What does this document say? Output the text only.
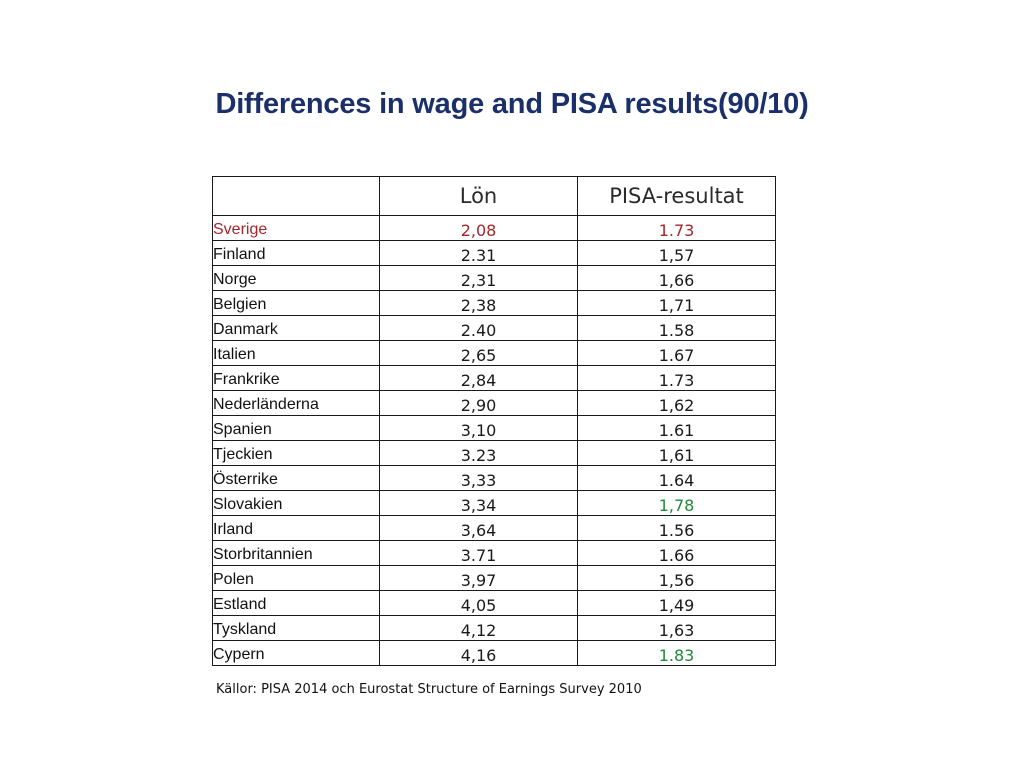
Differences in wage and PISA results(90/10)
	Lön	PISA-resultat
Sverige	2,08	1.73
Finland	2.31	1,57
Norge	2,31	1,66
Belgien	2,38	1,71
Danmark	2.40	1.58
Italien	2,65	1.67
Frankrike	2,84	1.73
Nederländerna	2,90	1,62
Spanien	3,10	1.61
Tjeckien	3.23	1,61
Österrike	3,33	1.64
Slovakien	3,34	1,78
Irland	3,64	1.56
Storbritannien	3.71	1.66
Polen	3,97	1,56
Estland	4,05	1,49
Tyskland	4,12	1,63
Cypern	4,16	1.83
Källor: PISA 2014 och Eurostat Structure of Earnings Survey 2010
